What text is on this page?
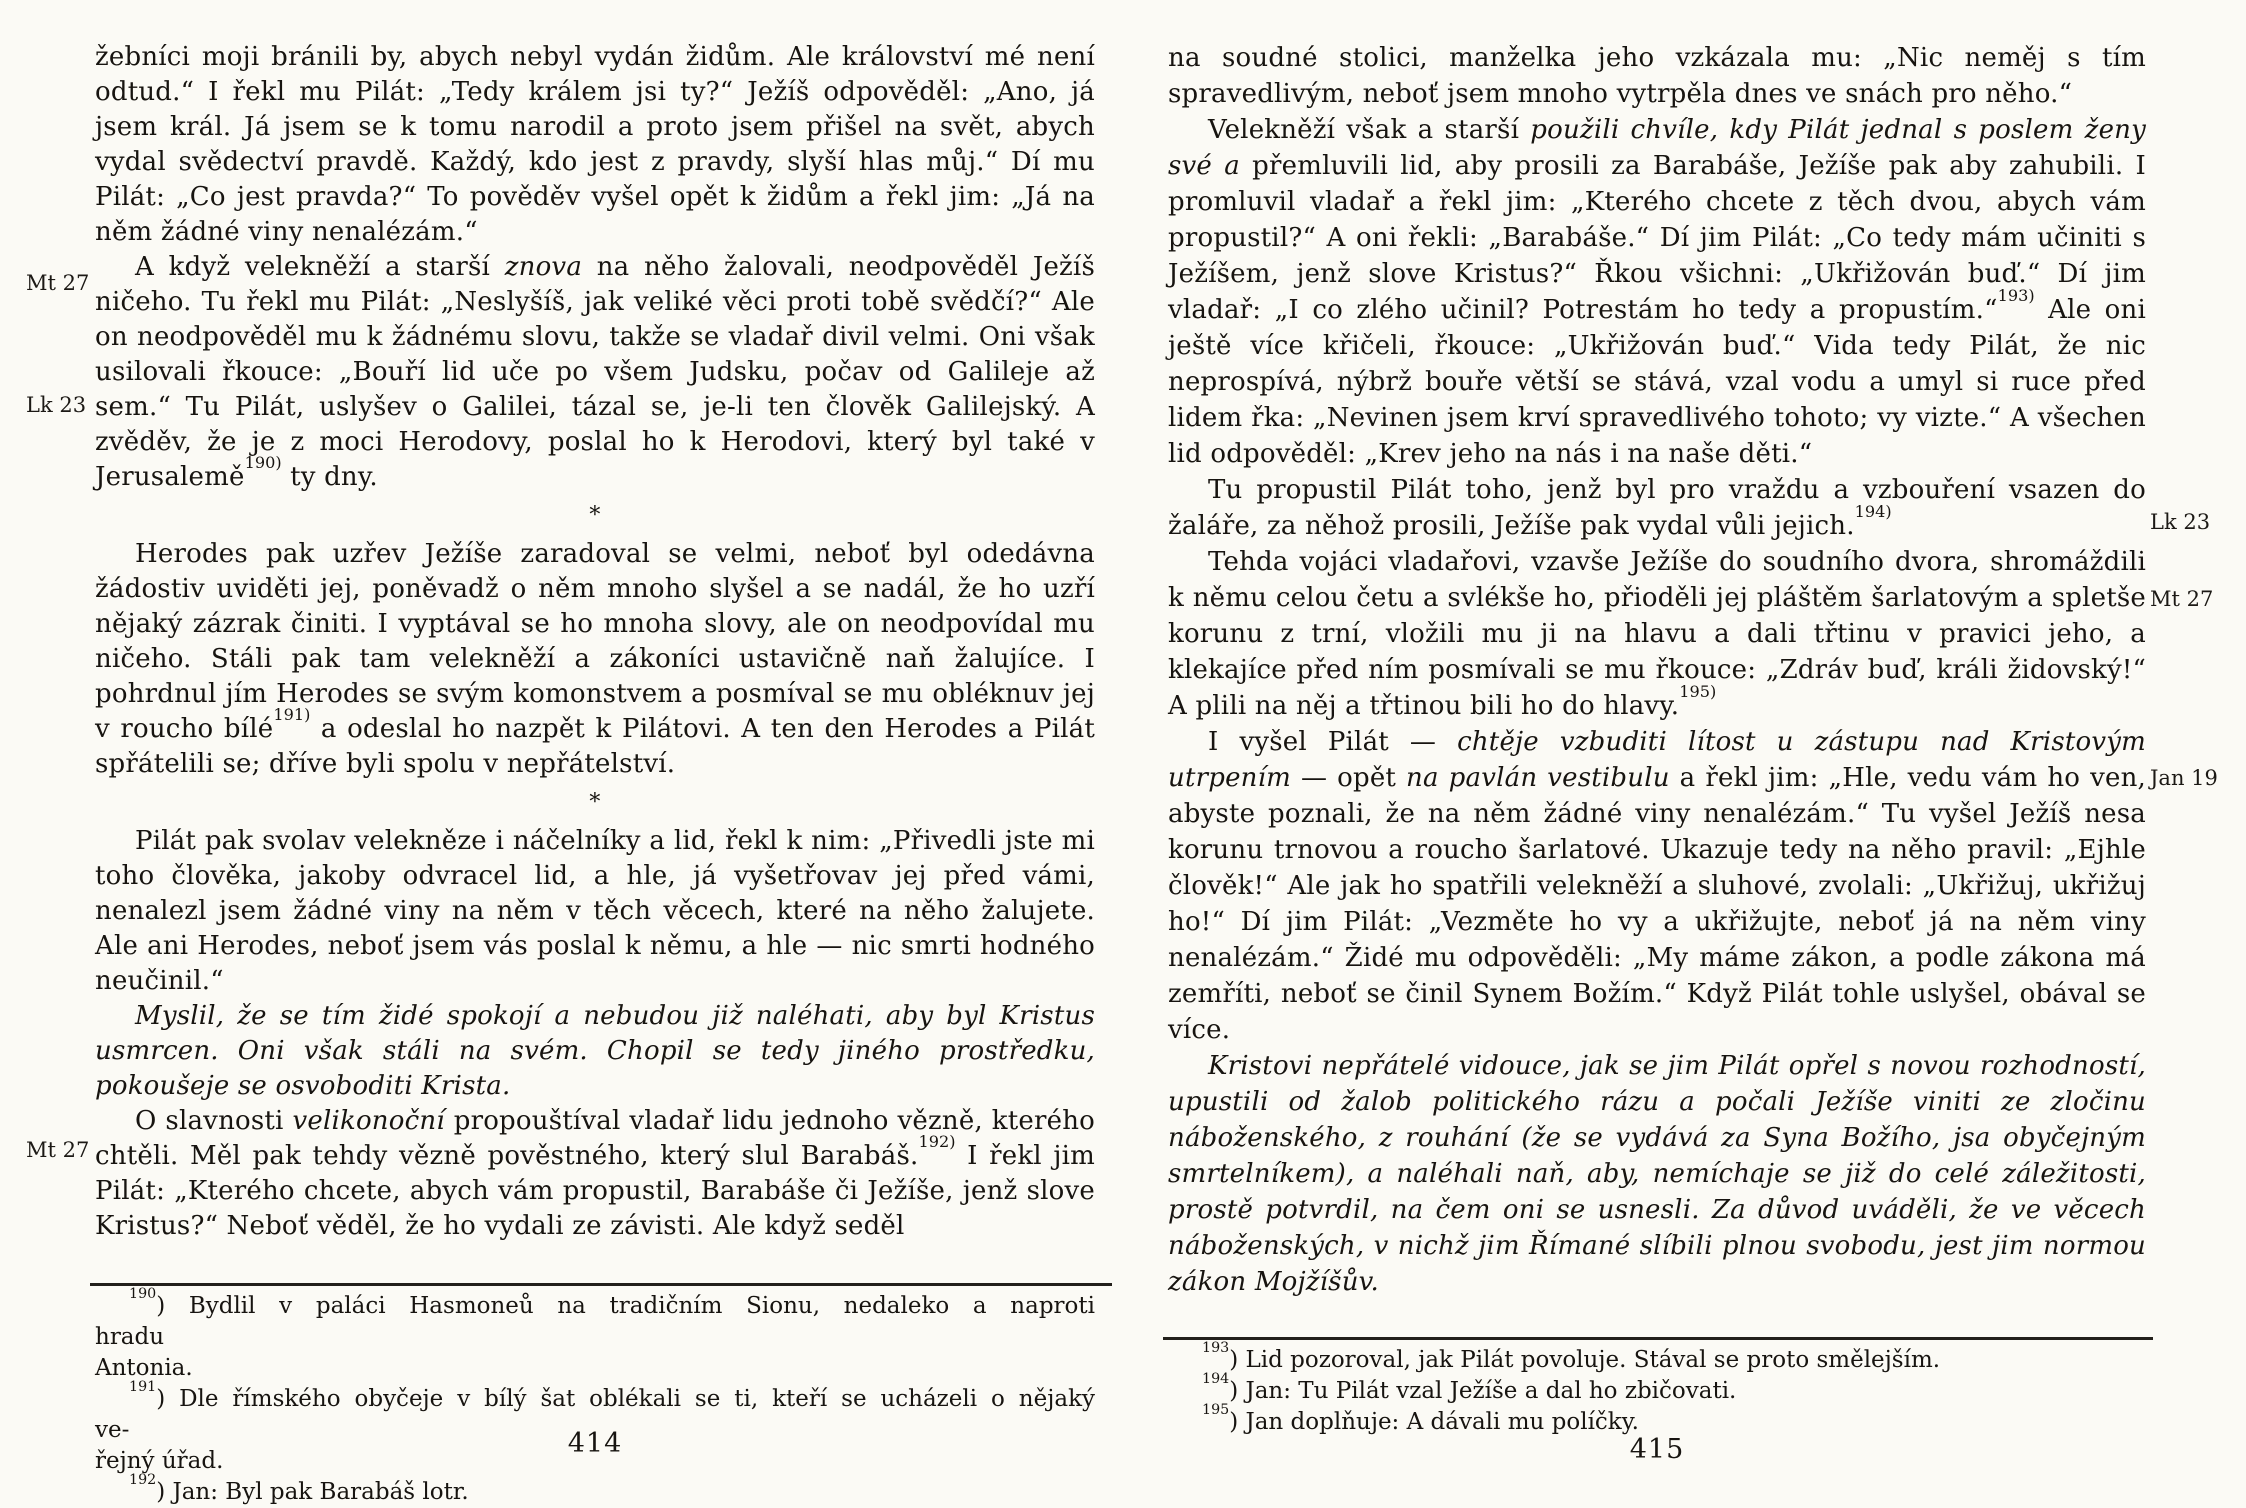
Mt 27
Lk 23
Mt 27

žebníci moji bránili by, abych nebyl vydán židům. Ale království mé není odtud.“ I řekl mu Pilát: „Tedy králem jsi ty?“ Ježíš odpověděl: „Ano, já jsem král. Já jsem se k tomu narodil a proto jsem přišel na svět, abych vydal svědectví pravdě. Každý, kdo jest z pravdy, slyší hlas můj.“ Dí mu Pilát: „Co jest pravda?“ To pověděv vyšel opět k židům a řekl jim: „Já na něm žádné viny nenalézám.“

A když velekněží a starší znova na něho žalovali, neodpověděl Ježíš ničeho. Tu řekl mu Pilát: „Neslyšíš, jak veliké věci proti tobě svědčí?“ Ale on neodpověděl mu k žádnému slovu, takže se vladař divil velmi. Oni však usilovali řkouce: „Bouří lid uče po všem Judsku, počav od Galileje až sem.“ Tu Pilát, uslyšev o Galilei, tázal se, je-li ten člověk Galilejský. A zvěděv, že je z moci Herodovy, poslal ho k Herodovi, který byl také v Jerusalemě$^{190)}$ ty dny.

*

Herodes pak uzřev Ježíše zaradoval se velmi, neboť byl odedávna žádostiv uviděti jej, poněvadž o něm mnoho slyšel a se nadál, že ho uzří nějaký zázrak činiti. I vyptával se ho mnoha slovy, ale on neodpovídal mu ničeho. Stáli pak tam velekněží a zákoníci ustavičně naň žalujíce. I pohrdnul jím Herodes se svým komonstvem a posmíval se mu obléknuv jej v roucho bílé$^{191)}$ a odeslal ho nazpět k Pilátovi. A ten den Herodes a Pilát spřátelili se; dříve byli spolu v nepřátelství.

*

Pilát pak svolav velekněze i náčelníky a lid, řekl k nim: „Přivedli jste mi toho člověka, jakoby odvracel lid, a hle, já vyšetřovav jej před vámi, nenalezl jsem žádné viny na něm v těch věcech, které na něho žalujete. Ale ani Herodes, neboť jsem vás poslal k němu, a hle — nic smrti hodného neučinil.“

Myslil, že se tím židé spokojí a nebudou již naléhati, aby byl Kristus usmrcen. Oni však stáli na svém. Chopil se tedy jiného prostředku, pokoušeje se osvoboditi Krista.

O slavnosti velikonoční propouštíval vladař lidu jednoho vězně, kterého chtěli. Měl pak tehdy vězně pověstného, který slul Barabáš.$^{192)}$ I řekl jim Pilát: „Kterého chcete, abych vám propustil, Barabáše či Ježíše, jenž slove Kristus?“ Neboť věděl, že ho vydali ze závisti. Ale když seděl

$^{190}$) Bydlil v paláci Hasmoneů na tradičním Sionu, nedaleko a naproti hradu
Antonia.

$^{191}$) Dle římského obyčeje v bílý šat oblékali se ti, kteří se ucházeli o nějaký ve-
řejný úřad.

$^{192}$) Jan: Byl pak Barabáš lotr.

414
Lk 23
Mt 27
Jan 19

na soudné stolici, manželka jeho vzkázala mu: „Nic neměj s tím spravedlivým, neboť jsem mnoho vytrpěla dnes ve snách pro něho.“

Velekněží však a starší použili chvíle, kdy Pilát jednal s poslem ženy své a přemluvili lid, aby prosili za Barabáše, Ježíše pak aby zahubili. I promluvil vladař a řekl jim: „Kterého chcete z těch dvou, abych vám propustil?“ A oni řekli: „Barabáše.“ Dí jim Pilát: „Co tedy mám učiniti s Ježíšem, jenž slove Kristus?“ Řkou všichni: „Ukřižován buď.“ Dí jim vladař: „I co zlého učinil? Potrestám ho tedy a propustím.“$^{193)}$ Ale oni ještě více křičeli, řkouce: „Ukřižován buď.“ Vida tedy Pilát, že nic neprospívá, nýbrž bouře větší se stává, vzal vodu a umyl si ruce před lidem řka: „Nevinen jsem krví spravedlivého tohoto; vy vizte.“ A všechen lid odpověděl: „Krev jeho na nás i na naše děti.“

Tu propustil Pilát toho, jenž byl pro vraždu a vzbouření vsazen do žaláře, za něhož prosili, Ježíše pak vydal vůli jejich.$^{194)}$

Tehda vojáci vladařovi, vzavše Ježíše do soudního dvora, shromáždili k němu celou četu a svlékše ho, přioděli jej pláštěm šarlatovým a spletše korunu z trní, vložili mu ji na hlavu a dali třtinu v pravici jeho, a klekajíce před ním posmívali se mu řkouce: „Zdráv buď, králi židovský!“ A plili na něj a třtinou bili ho do hlavy.$^{195)}$

I vyšel Pilát — chtěje vzbuditi lítost u zástupu nad Kristovým utrpením — opět na pavlán vestibulu a řekl jim: „Hle, vedu vám ho ven, abyste poznali, že na něm žádné viny nenalézám.“ Tu vyšel Ježíš nesa korunu trnovou a roucho šarlatové. Ukazuje tedy na něho pravil: „Ejhle člověk!“ Ale jak ho spatřili velekněží a sluhové, zvolali: „Ukřižuj, ukřižuj ho!“ Dí jim Pilát: „Vezměte ho vy a ukřižujte, neboť já na něm viny nenalézám.“ Židé mu odpověděli: „My máme zákon, a podle zákona má zemříti, neboť se činil Synem Božím.“ Když Pilát tohle uslyšel, obával se více.

Kristovi nepřátelé vidouce, jak se jim Pilát opřel s novou rozhodností, upustili od žalob politického rázu a počali Ježíše viniti ze zločinu náboženského, z rouhání (že se vydává za Syna Božího, jsa obyčejným smrtelníkem), a naléhali naň, aby, nemíchaje se již do celé záležitosti, prostě potvrdil, na čem oni se usnesli. Za důvod uváděli, že ve věcech náboženských, v nichž jim Římané slíbili plnou svobodu, jest jim normou zákon Mojžíšův.

$^{193}$) Lid pozoroval, jak Pilát povoluje. Stával se proto smělejším.

$^{194}$) Jan: Tu Pilát vzal Ježíše a dal ho zbičovati.

$^{195}$) Jan doplňuje: A dávali mu políčky.

415
